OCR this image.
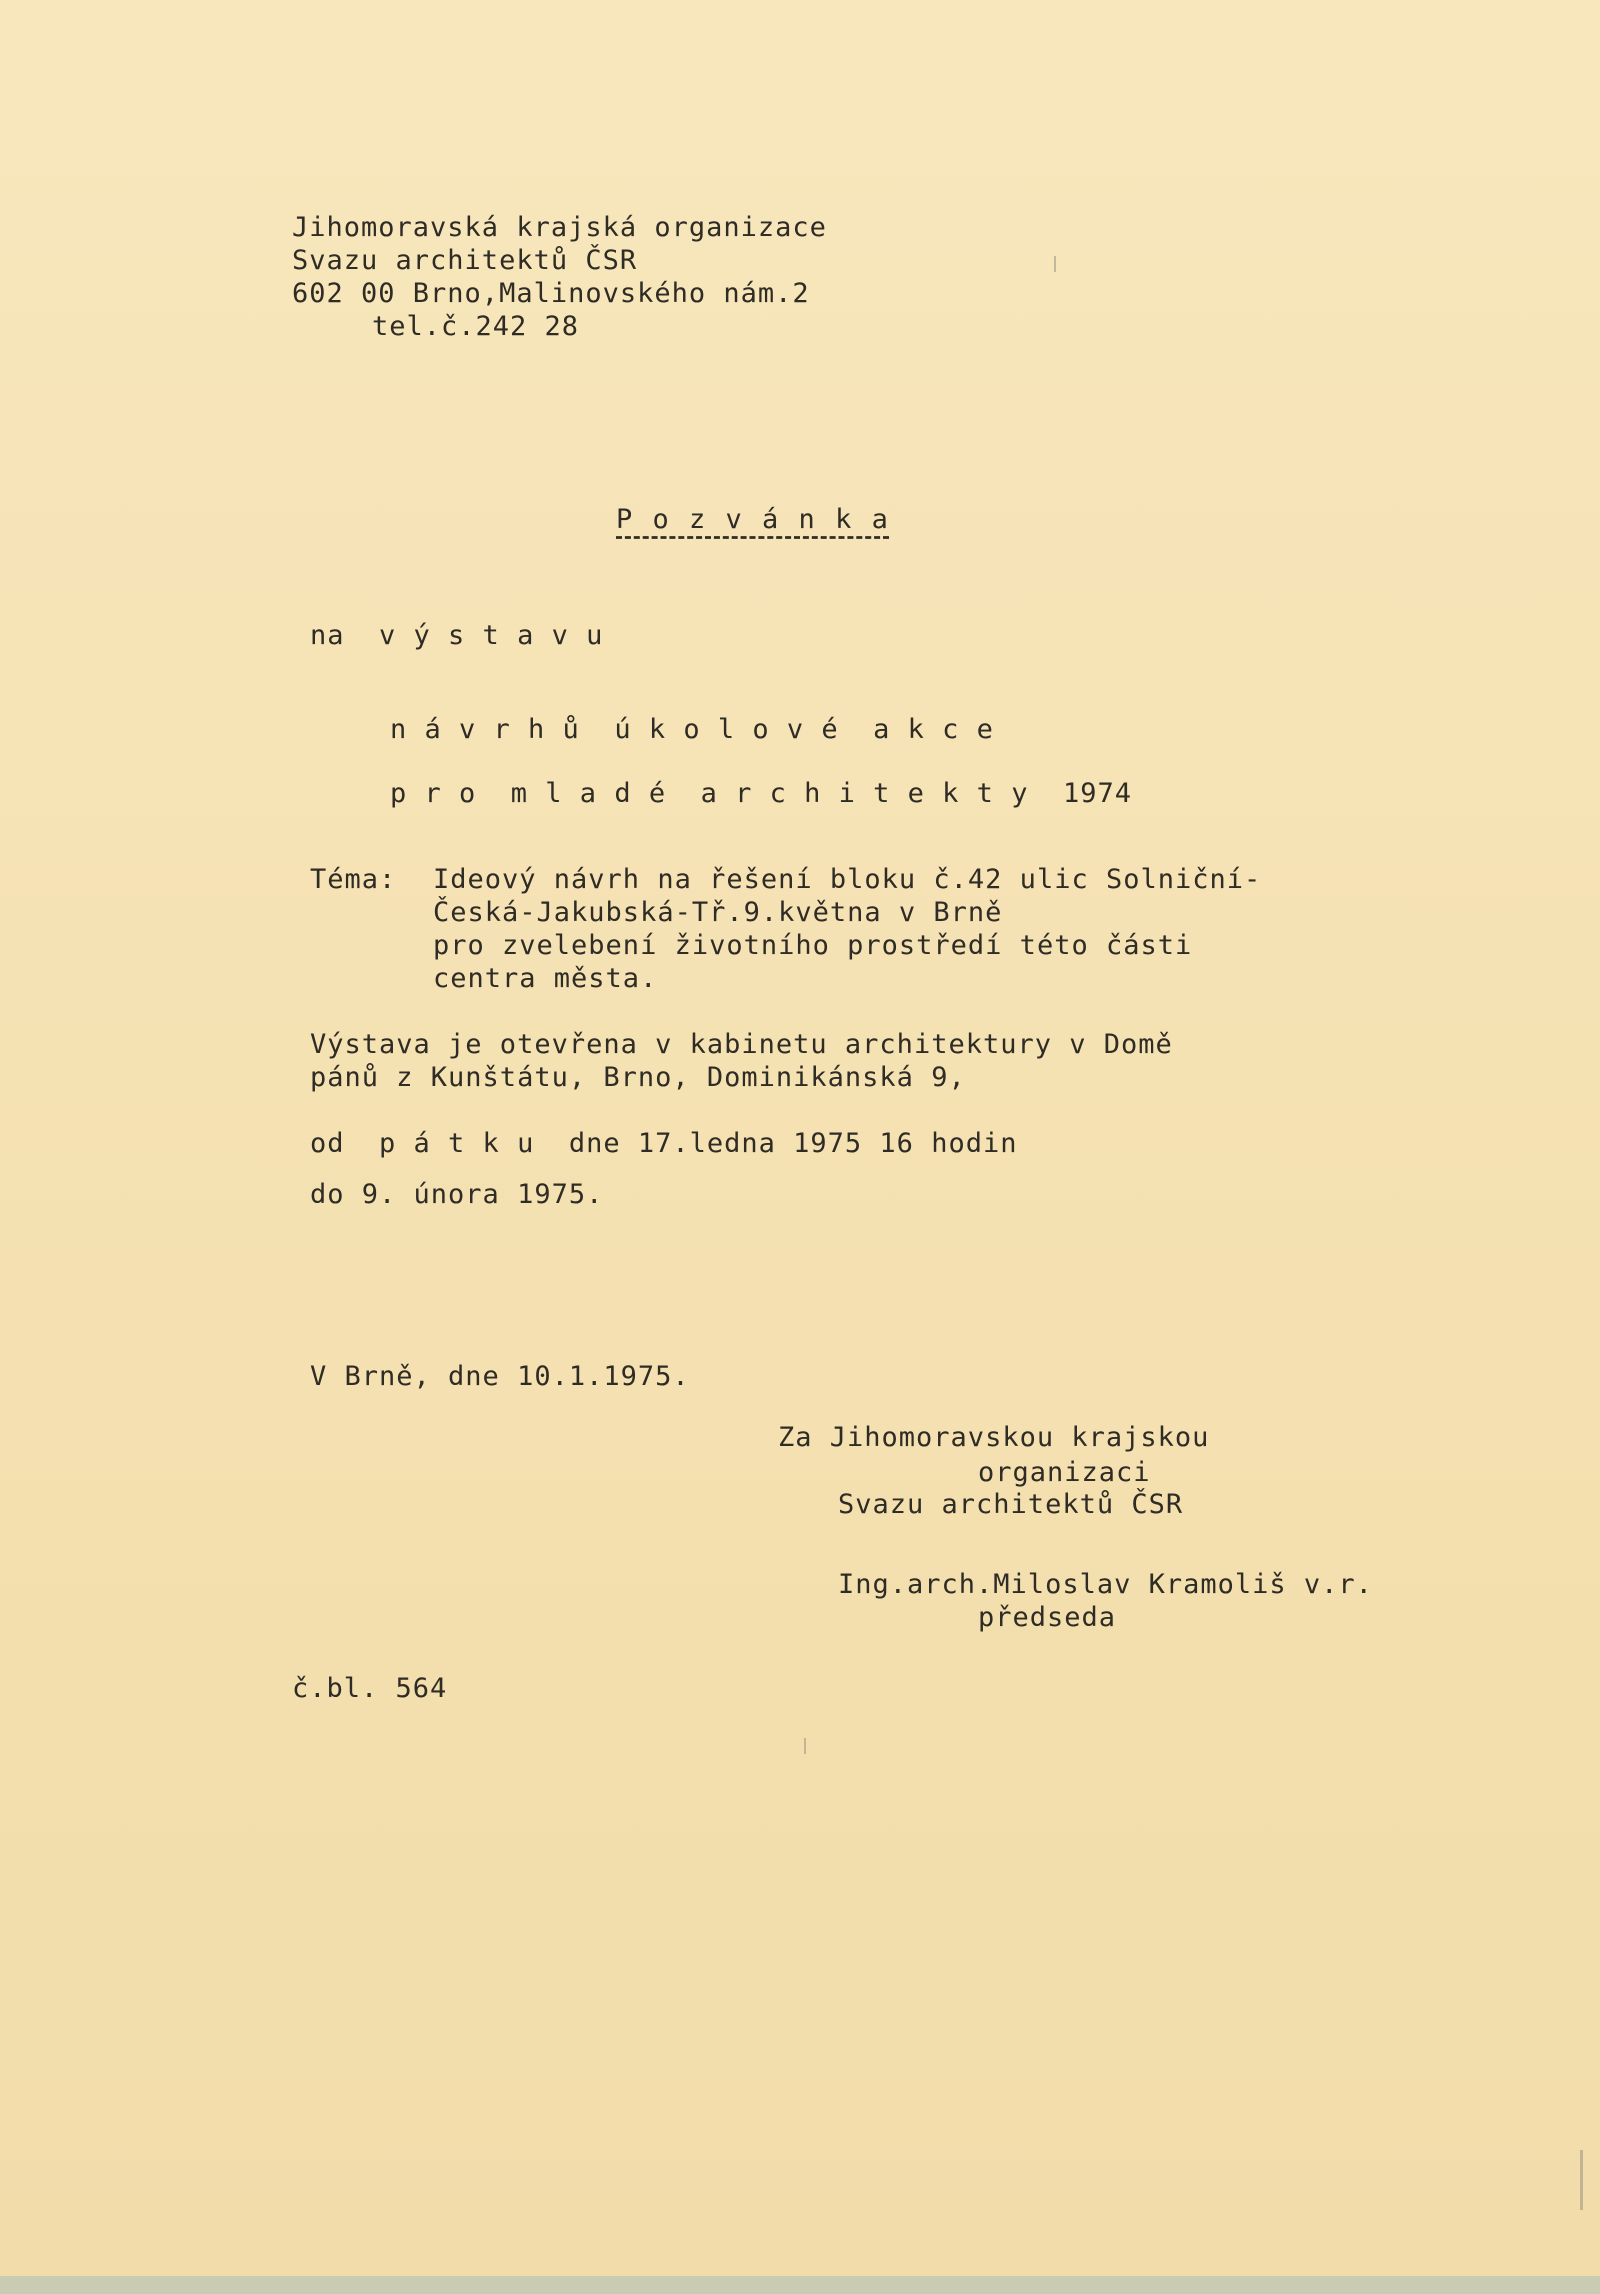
Jihomoravská krajská organizace

Svazu architektů ČSR

602 00 Brno,Malinovského nám.2

tel.č.242 28

P o z v á n k a

na  v ý s t a v u

n á v r h ů  ú k o l o v é  a k c e

p r o  m l a d é  a r c h i t e k t y  1974

Téma: Ideový návrh na řešení bloku č.42 ulic Solniční-

Česká-Jakubská-Tř.9.května v Brně

pro zvelebení životního prostředí této části

centra města.

Výstava je otevřena v kabinetu architektury v Domě

pánů z Kunštátu, Brno, Dominikánská 9,

od  p á t k u  dne 17.ledna 1975 16 hodin

do 9. února 1975.

V Brně, dne 10.1.1975.

Za Jihomoravskou krajskou

organizaci

Svazu architektů ČSR

Ing.arch.Miloslav Kramoliš v.r.

předseda

č.bl. 564
